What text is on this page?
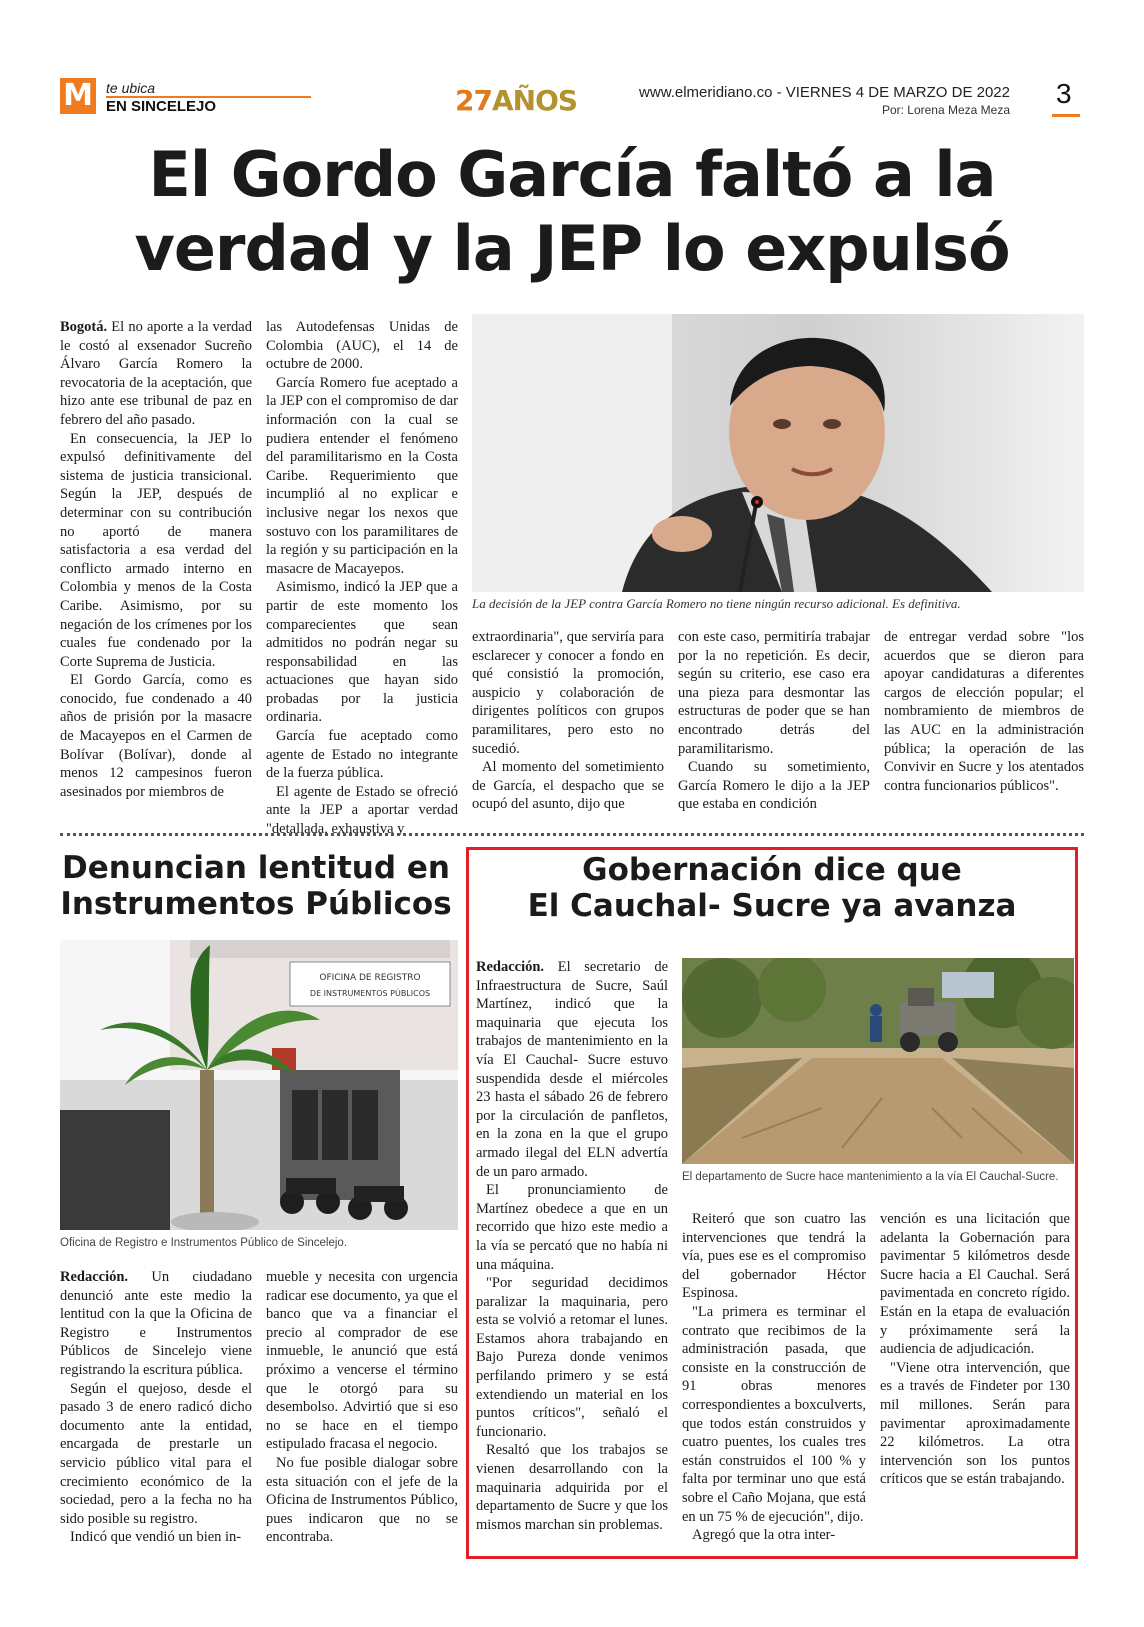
M te ubica
EN SINCELEJO	27AÑOS	www.elmeridiano.co - VIERNES 4 DE MARZO DE 2022
Por: Lorena Meza Meza
3
El Gordo García faltó a la
verdad y la JEP lo expulsó

Bogotá. El no aporte a la verdad le costó al exsenador Sucreño Álvaro García Romero la revocatoria de la aceptación, que hizo ante ese tribunal de paz en febrero del año pasado.

En consecuencia, la JEP lo expulsó definitivamente del sistema de justicia transicional. Según la JEP, después de determinar con su contribución no aportó de manera satisfactoria a esa verdad del conflicto armado interno en Colombia y menos de la Costa Caribe. Asimismo, por su negación de los crímenes por los cuales fue condenado por la Corte Suprema de Justicia.

El Gordo García, como es conocido, fue condenado a 40 años de prisión por la masacre de Macayepos en el Carmen de Bolívar (Bolívar), donde al menos 12 campesinos fueron asesinados por miembros de

las Autodefensas Unidas de Colombia (AUC), el 14 de octubre de 2000.

García Romero fue aceptado a la JEP con el compromiso de dar información con la cual se pudiera entender el fenómeno del paramilitarismo en la Costa Caribe. Requerimiento que incumplió al no explicar e inclusive negar los nexos que sostuvo con los paramilitares de la región y su participación en la masacre de Macayepos.

Asimismo, indicó la JEP que a partir de este momento los comparecientes que sean admitidos no podrán negar su responsabilidad en las actuaciones que hayan sido probadas por la justicia ordinaria.

García fue aceptado como agente de Estado no integrante de la fuerza pública.

El agente de Estado se ofreció ante la JEP a aportar verdad "detallada, exhaustiva y

La decisión de la JEP contra García Romero no tiene ningún recurso adicional. Es definitiva.

extraordinaria", que serviría para esclarecer y conocer a fondo en qué consistió la promoción, auspicio y colaboración de dirigentes políticos con grupos paramilitares, pero esto no sucedió.

Al momento del sometimiento de García, el despacho que se ocupó del asunto, dijo que

con este caso, permitiría trabajar por la no repetición. Es decir, según su criterio, ese caso era una pieza para desmontar las estructuras de poder que se han encontrado detrás del paramilitarismo.

Cuando su sometimiento, García Romero le dijo a la JEP que estaba en condición

de entregar verdad sobre "los acuerdos que se dieron para apoyar candidaturas a diferentes cargos de elección popular; el nombramiento de miembros de las AUC en la administración pública; la operación de las Convivir en Sucre y los atentados contra funcionarios públicos".

Denuncian lentitud en
Instrumentos Públicos
OFICINA DE REGISTRO
DE INSTRUMENTOS PÚBLICOS
Oficina de Registro e Instrumentos Público de Sincelejo.

Redacción. Un ciudadano denunció ante este medio la lentitud con la que la Oficina de Registro e Instrumentos Públicos de Sincelejo viene registrando la escritura pública.

Según el quejoso, desde el pasado 3 de enero radicó dicho documento ante la entidad, encargada de prestarle un servicio público vital para el crecimiento económico de la sociedad, pero a la fecha no ha sido posible su registro.

Indicó que vendió un bien in-

mueble y necesita con urgencia radicar ese documento, ya que el banco que va a financiar el precio al comprador de ese inmueble, le anunció que está próximo a vencerse el término que le otorgó para su desembolso. Advirtió que si eso no se hace en el tiempo estipulado fracasa el negocio.

No fue posible dialogar sobre esta situación con el jefe de la Oficina de Instrumentos Público, pues indicaron que no se encontraba.

Gobernación dice que
El Cauchal- Sucre ya avanza

Redacción. El secretario de Infraestructura de Sucre, Saúl Martínez, indicó que la maquinaria que ejecuta los trabajos de mantenimiento en la vía El Cauchal- Sucre estuvo suspendida desde el miércoles 23 hasta el sábado 26 de febrero por la circulación de panfletos, en la zona en la que el grupo armado ilegal del ELN advertía de un paro armado.

El pronunciamiento de Martínez obedece a que en un recorrido que hizo este medio a la vía se percató que no había ni una máquina.

"Por seguridad decidimos paralizar la maquinaria, pero esta se volvió a retomar el lunes. Estamos ahora trabajando en Bajo Pureza donde venimos perfilando primero y se está extendiendo un material en los puntos críticos", señaló el funcionario.

Resaltó que los trabajos se vienen desarrollando con la maquinaria adquirida por el departamento de Sucre y que los mismos marchan sin problemas.

El departamento de Sucre hace mantenimiento a la vía El Cauchal-Sucre.

Reiteró que son cuatro las intervenciones que tendrá la vía, pues ese es el compromiso del gobernador Héctor Espinosa.

"La primera es terminar el contrato que recibimos de la administración pasada, que consiste en la construcción de 91 obras menores correspondientes a boxculverts, que todos están construidos y cuatro puentes, los cuales tres están construidos el 100 % y falta por terminar uno que está sobre el Caño Mojana, que está en un 75 % de ejecución", dijo.

Agregó que la otra inter-

vención es una licitación que adelanta la Gobernación para pavimentar 5 kilómetros desde Sucre hacia a El Cauchal. Será pavimentada en concreto rígido. Están en la etapa de evaluación y próximamente será la audiencia de adjudicación.

"Viene otra intervención, que es a través de Findeter por 130 mil millones. Serán para pavimentar aproximadamente 22 kilómetros. La otra intervención son los puntos críticos que se están trabajando.
